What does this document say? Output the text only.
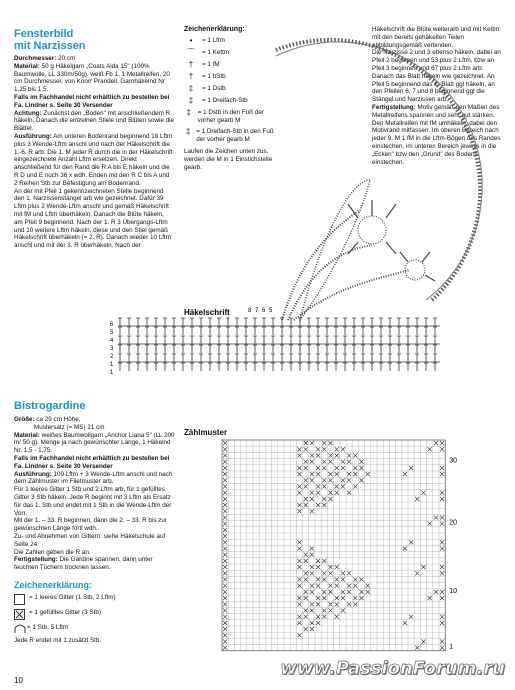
Fensterbild
mit Narzissen

Durchmesser: 20 cm

Material: 50 g Häkelgarn „Coats Aida 15" (100% Baumwolle, LL 330m/50g), weiß Fb 1, 1 Metallreifen, 20 cm Durchmesser, von Knorr Prandell. Garnhäkelnd Nr 1,25 bis 1,5.

Falls im Fachhandel nicht erhältlich zu bestellen bei Fa. Lindner s. Seite 30 Versender

Achtung: Zunächst den „Boden" mit anschließendem R häkeln. Danach die einzelnen Stiele und Blüten sowie die Blätter.

Ausführung: Am unteren Bodenrand beginnend 18 Lftm plus 3 Wende-Lftm anschl und nach der Häkelschrift die 1.-6. R arb. Die 1. M jeder R durch die in der Häkelschrift eingezeichnete Anzahl Lftm ersetzen. Direkt anschließend für den Rand die R A bis E häkeln und die R D und E noch 36 x wdh. Enden mit den R C bis A und 2 Reihen Stb zur Befestigung am Bodenrand.

An der mit Pfeil 1 gekennzeichneten Stelle beginnend den 1. Narzissenstängel arb wie gezeichnet. Dafür 39 Lftm plus 2 Wende-Lftm anschl und gemäß Häkelschrift mit fM und Lftm überhäkeln. Danach die Blüte häkeln, am Pfeil 9 beginnend. Nach der 1. R 3 Übergangs-Lftm und 10 weitere Lftm häkeln, diese und den Stiel gemäß Häkelschrift überhäkeln (= 2. R). Danach wieder 10 Lftm anschl und mit der 3. R überhäkeln. Nach der

Zeichenerklärung:
•	= 1 Lftm
⌒	= 1 Kettm
†	= 1 fM
†	= 1 hStb
‡	= 1 Dstb
‡	= 1 Dreifach-Stb
‡	= 1 Dstb in den Fuß der vorher gearb M
‡ = 1 Dreifach-Stb in den Fuß der vorher gearb M

Laufen die Zeichen unten zus, werden die M in 1 Einstichstelle gearb.

Häkelschrift die Blüte weiterarb und mit Kettm mit den bereits gehäkelten Teilen abbildungsgemäß verbinden.

Die Narzisse 2 und 3 ebenso häkeln, dabei an Pfeil 2 beginnen und 53 plus 2 Lftm, bzw an Pfeil 3 beginnen und 67 plus 2 Lftm arb. Danach das Blatt häkeln wie gezeichnet. An Pfeil 5 beginnend das 2. Blatt ggl häkeln, an den Pfeilen 6, 7 und 8 beginnend ggl die Stängel und Narzissen arb.

Fertigstellung: Motiv gemäß den Maßen des Metallreifens spannen und sehr gut stärken. Den Metallreifen mit fM umhäkeln, dabei den Motivrand mitfassen. Im oberen Bereich nach jeder 9. M 1 fM in die Lftm-Bögen des Randes einstechen, im unteren Bereich jeweils in die „Ecken" bzw den „Grund" des Bodens einstechen.

Häkelschrift	8 7 6 5
6
5
4
3
2
1
1
Bistrogardine

Größe: ca 29 cm Höhe,

Mustersatz (= MS) 21 cm

Material: weißes Baumwollgarn „Anchor Liana 5" (LL 200 m/ 50 g). Menge ja nach gewünschter Länge, 1 Häkelnd Nr. 1,5 - 1,75.

Falls im Fachhandel nicht erhältlich zu bestellen bei Fa. Lindner s. Seite 30 Versender

Ausführung: 109 Lftm + 3 Wende-Lftm anschl und nach dem Zählmuster im Filetmuster arb.

Für 1 leeres Gitter 1 Stb und 2 Lftm arb, für 1 gefülltes Gitter 3 Stb häkeln. Jede R beginnt mit 3 Lftm als Ersatz für das 1. Stb und endet mit 1 Stb in die Wende-Lftm der Vorr.

Mit der 1. – 33. R beginnen, dann die 2. – 33. R bis zur gewünschten Länge fortl wdh.

Zu- und Abnehmen von Gittern: siehe Häkelschule auf Seite 24

Die Zahlen geben die R an.

Fertigstellung: Die Gardine spannen, dann unter feuchten Tüchern trocknen lassen.

Zeichenerklärung:
= 1 leeres Gitter (1 Stb, 2 Lftm)
= 1 gefülltes Gitter (3 Stb)
= 1 Stb, 5 Lftm

Jede R endet mit 1 zusätzl Stb.

Zählmuster
30
20
10
1
10
www.PassionForum.ru
